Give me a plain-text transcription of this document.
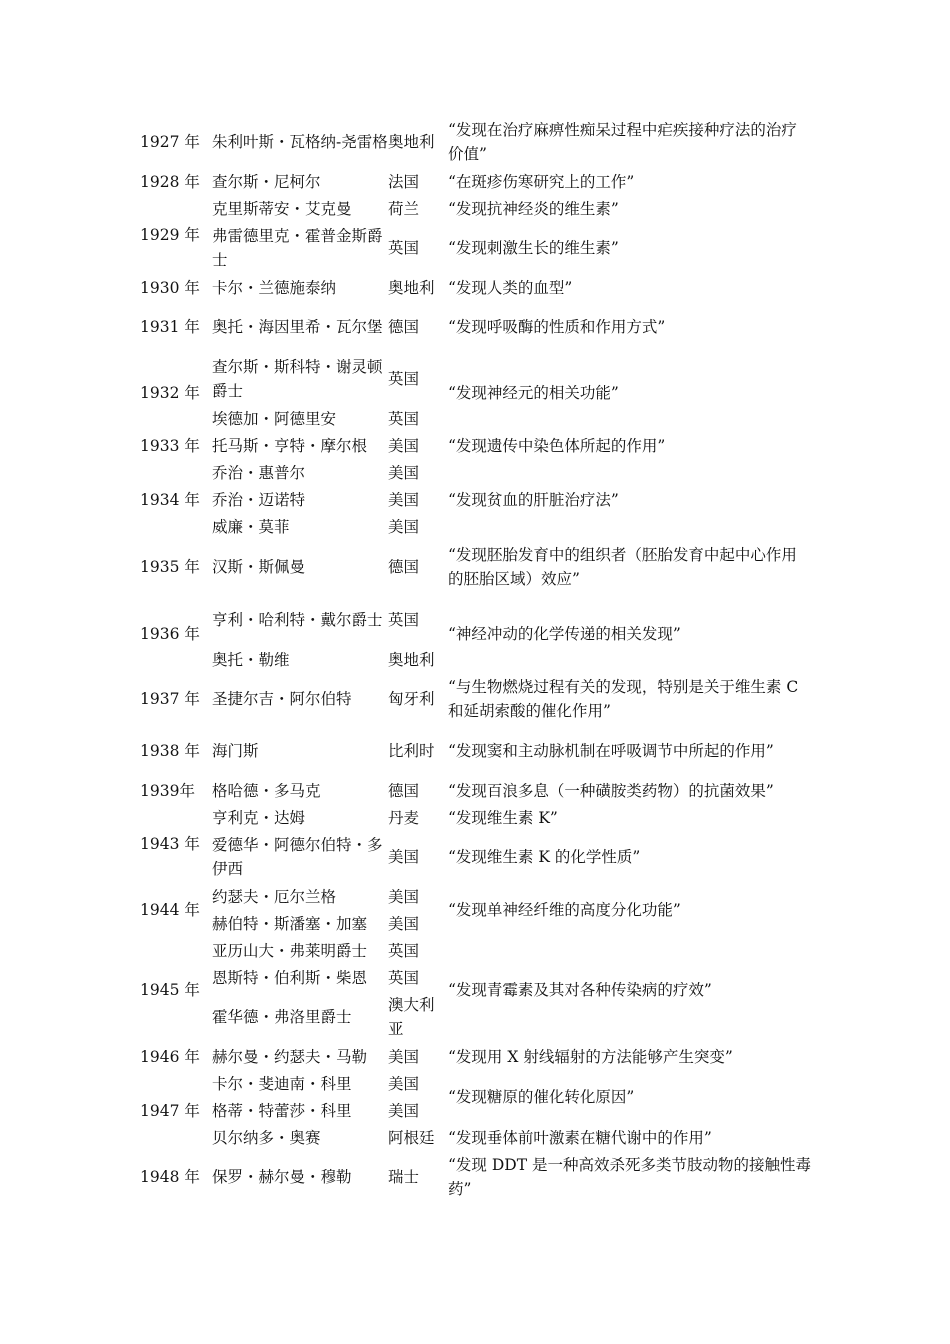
1927 年	朱利叶斯・瓦格纳-尧雷格	奥地利	“发现在治疗麻痹性痴呆过程中疟疾接种疗法的治疗价值”
1928 年	查尔斯・尼柯尔	法国	“在斑疹伤寒研究上的工作”
1929 年	克里斯蒂安・艾克曼	荷兰	“发现抗神经炎的维生素”
	弗雷德里克・霍普金斯爵士	英国	“发现刺激生长的维生素”
1930 年	卡尔・兰德施泰纳	奥地利	“发现人类的血型”
1931 年	奥托・海因里希・瓦尔堡	德国	“发现呼吸酶的性质和作用方式”
1932 年	查尔斯・斯科特・谢灵顿爵士	英国	“发现神经元的相关功能”
	埃德加・阿德里安	英国	
1933 年	托马斯・亨特・摩尔根	美国	“发现遗传中染色体所起的作用”
1934 年	乔治・惠普尔	美国	“发现贫血的肝脏治疗法”
	乔治・迈诺特	美国	
	威廉・莫菲	美国	
1935 年	汉斯・斯佩曼	德国	“发现胚胎发育中的组织者（胚胎发育中起中心作用的胚胎区域）效应”
1936 年	亨利・哈利特・戴尔爵士	英国	“神经冲动的化学传递的相关发现”
	奥托・勒维	奥地利	
1937 年	圣捷尔吉・阿尔伯特	匈牙利	“与生物燃烧过程有关的发现，特别是关于维生素 C 和延胡索酸的催化作用”
1938 年	海门斯	比利时	“发现窦和主动脉机制在呼吸调节中所起的作用”
1939年	格哈德・多马克	德国	“发现百浪多息（一种磺胺类药物）的抗菌效果”
1943 年	亨利克・达姆	丹麦	“发现维生素 K”
	爱德华・阿德尔伯特・多伊西	美国	“发现维生素 K 的化学性质”
1944 年	约瑟夫・厄尔兰格	美国	“发现单神经纤维的高度分化功能”
	赫伯特・斯潘塞・加塞	美国	
1945 年	亚历山大・弗莱明爵士	英国	“发现青霉素及其对各种传染病的疗效”
	恩斯特・伯利斯・柴恩	英国	
	霍华德・弗洛里爵士	澳大利亚	
1946 年	赫尔曼・约瑟夫・马勒	美国	“发现用 X 射线辐射的方法能够产生突变”
1947 年	卡尔・斐迪南・科里	美国	“发现糖原的催化转化原因”
	格蒂・特蕾莎・科里	美国	
	贝尔纳多・奥赛	阿根廷	“发现垂体前叶激素在糖代谢中的作用”
1948 年	保罗・赫尔曼・穆勒	瑞士	“发现 DDT 是一种高效杀死多类节肢动物的接触性毒药”
